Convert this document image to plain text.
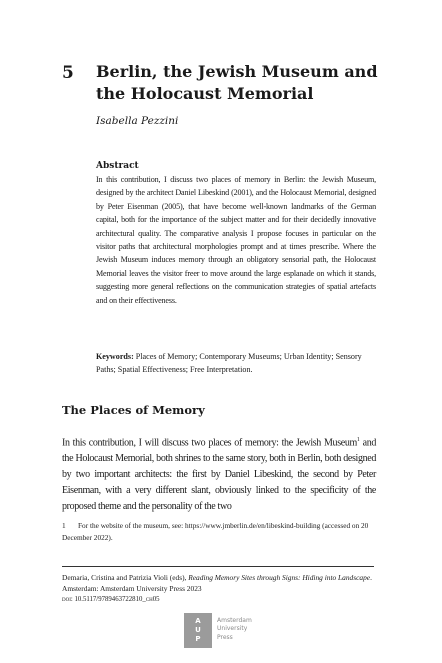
5 Berlin, the Jewish Museum and the Holocaust Memorial
Isabella Pezzini
Abstract
In this contribution, I discuss two places of memory in Berlin: the Jewish Museum, designed by the architect Daniel Libeskind (2001), and the Holocaust Memorial, designed by Peter Eisenman (2005), that have become well-known landmarks of the German capital, both for the importance of the subject matter and for their decidedly innovative architectural quality. The comparative analysis I propose focuses in particular on the visitor paths that architectural morphologies prompt and at times prescribe. Where the Jewish Museum induces memory through an obligatory sensorial path, the Holocaust Memorial leaves the visitor freer to move around the large esplanade on which it stands, suggesting more general reflections on the communication strategies of spatial artefacts and on their effectiveness.
Keywords: Places of Memory; Contemporary Museums; Urban Identity; Sensory Paths; Spatial Effectiveness; Free Interpretation.
The Places of Memory
In this contribution, I will discuss two places of memory: the Jewish Museum$^1$ and the Holocaust Memorial, both shrines to the same story, both in Berlin, both designed by two important architects: the first by Daniel Libeskind, the second by Peter Eisenman, with a very different slant, obviously linked to the specificity of the proposed theme and the personality of the two
1 For the website of the museum, see: https://www.jmberlin.de/en/libeskind-building (accessed on 20 December 2022).
Demaria, Cristina and Patrizia Violi (eds), Reading Memory Sites through Signs: Hiding into Landscape. Amsterdam: Amsterdam University Press 2023
doi: 10.5117/9789463722810_ch05
A
U
P
Amsterdam
University
Press
